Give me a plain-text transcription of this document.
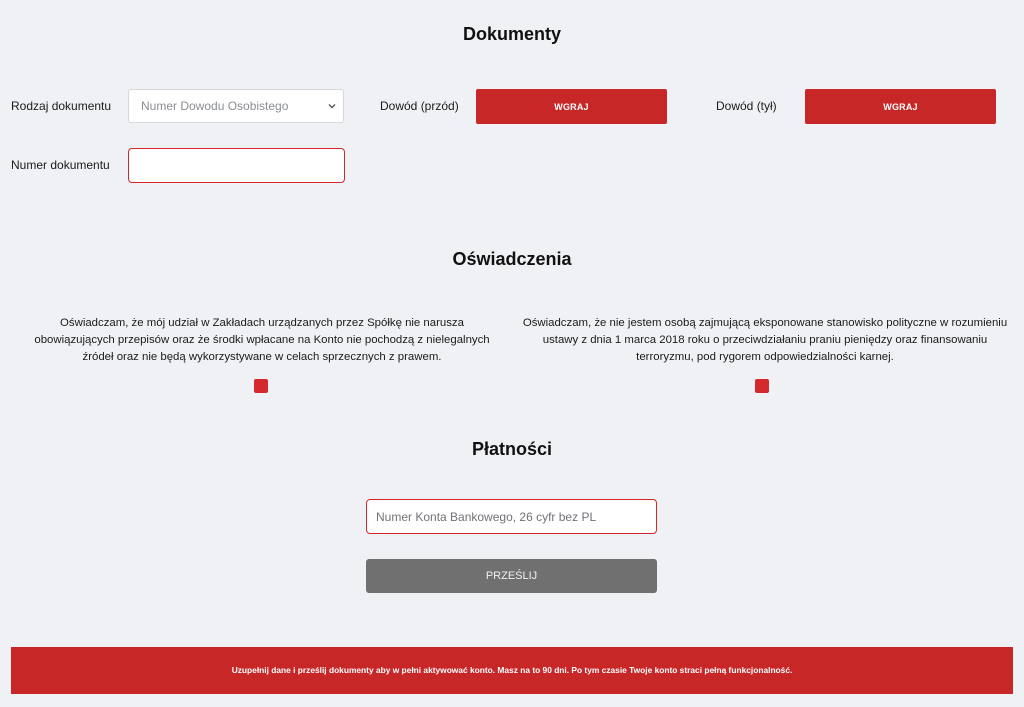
Dokumenty
Rodzaj dokumentu	Numer Dowodu Osobistego	Dowód (przód)	WGRAJ	Dowód (tył)	WGRAJ
Numer dokumentu
Oświadczenia
Oświadczam, że mój udział w Zakładach urządzanych przez Spółkę nie narusza obowiązujących przepisów oraz że środki wpłacane na Konto nie pochodzą z nielegalnych źródeł oraz nie będą wykorzystywane w celach sprzecznych z prawem.
Oświadczam, że nie jestem osobą zajmującą eksponowane stanowisko polityczne w rozumieniu ustawy z dnia 1 marca 2018 roku o przeciwdziałaniu praniu pieniędzy oraz finansowaniu terroryzmu, pod rygorem odpowiedzialności karnej.
Płatności
Numer Konta Bankowego, 26 cyfr bez PL
PRZEŚLIJ
Uzupełnij dane i prześlij dokumenty aby w pełni aktywować konto. Masz na to 90 dni. Po tym czasie Twoje konto straci pełną funkcjonalność.
